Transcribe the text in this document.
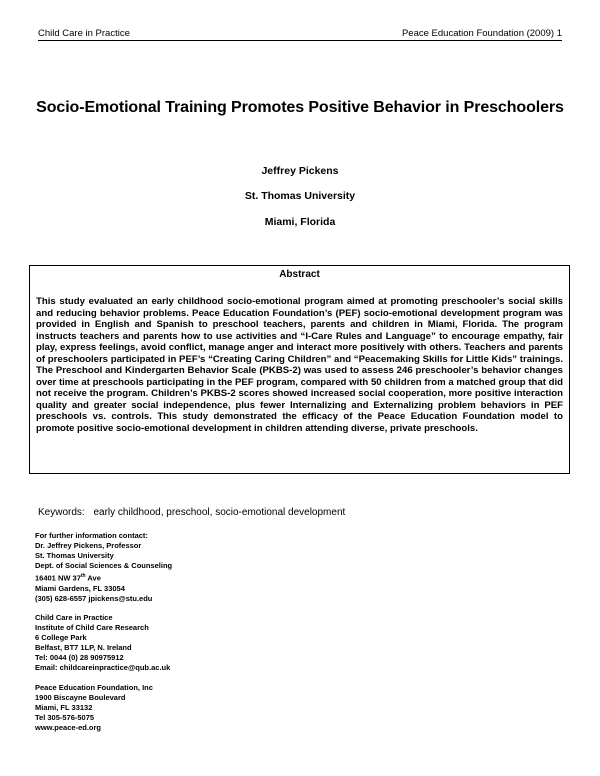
Child Care in Practice	Peace Education Foundation (2009) 1
Socio-Emotional Training Promotes Positive Behavior in Preschoolers
Jeffrey Pickens
St. Thomas University
Miami, Florida
Abstract
This study evaluated an early childhood socio-emotional program aimed at promoting preschooler’s social skills and reducing behavior problems. Peace Education Foundation’s (PEF) socio-emotional development program was provided in English and Spanish to preschool teachers, parents and children in Miami, Florida. The program instructs teachers and parents how to use activities and “I-Care Rules and Language” to encourage empathy, fair play, express feelings, avoid conflict, manage anger and interact more positively with others. Teachers and parents of preschoolers participated in PEF’s “Creating Caring Children” and “Peacemaking Skills for Little Kids” trainings. The Preschool and Kindergarten Behavior Scale (PKBS-2) was used to assess 246 preschooler’s behavior changes over time at preschools participating in the PEF program, compared with 50 children from a matched group that did not receive the program. Children’s PKBS-2 scores showed increased social cooperation, more positive interaction quality and greater social independence, plus fewer Internalizing and Externalizing problem behaviors in PEF preschools vs. controls. This study demonstrated the efficacy of the Peace Education Foundation model to promote positive socio-emotional development in children attending diverse, private preschools.
Keywords: early childhood, preschool, socio-emotional development
For further information contact:
Dr. Jeffrey Pickens, Professor
St. Thomas University
Dept. of Social Sciences & Counseling
16401 NW 37th Ave
Miami Gardens, FL 33054
(305) 628-6557 jpickens@stu.edu
Child Care in Practice
Institute of Child Care Research
6 College Park
Belfast, BT7 1LP, N. Ireland
Tel: 0044 (0) 28 90975912
Email: childcareinpractice@qub.ac.uk
Peace Education Foundation, Inc
1900 Biscayne Boulevard
Miami, FL 33132
Tel 305-576-5075
www.peace-ed.org
